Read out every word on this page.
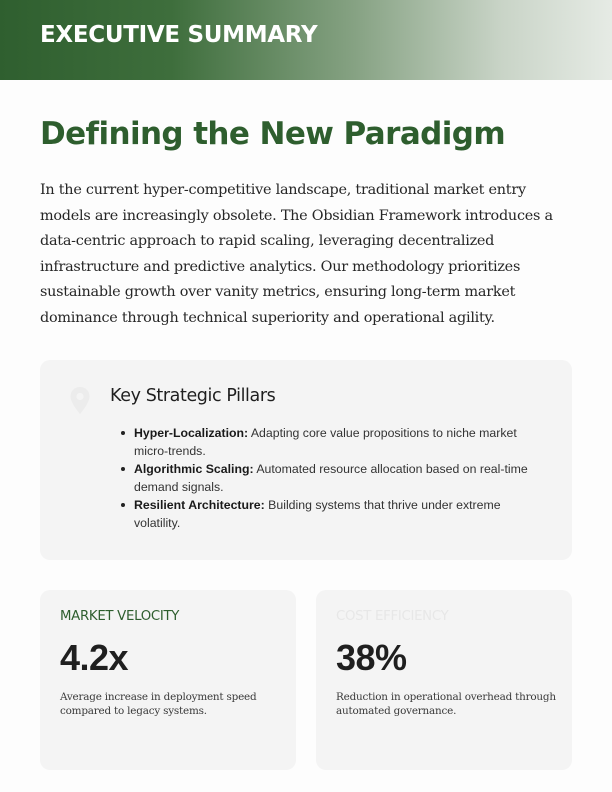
EXECUTIVE SUMMARY
Defining the New Paradigm

In the current hyper-competitive landscape, traditional market entry models are increasingly obsolete. The Obsidian Framework introduces a data-centric approach to rapid scaling, leveraging decentralized infrastructure and predictive analytics. Our methodology prioritizes sustainable growth over vanity metrics, ensuring long-term market dominance through technical superiority and operational agility.

Key Strategic Pillars
Hyper-Localization: Adapting core value propositions to niche market micro-trends.
Algorithmic Scaling: Automated resource allocation based on real-time demand signals.
Resilient Architecture: Building systems that thrive under extreme volatility.
MARKET VELOCITY
4.2x
Average increase in deployment speed compared to legacy systems.
COST EFFICIENCY
38%
Reduction in operational overhead through automated governance.
